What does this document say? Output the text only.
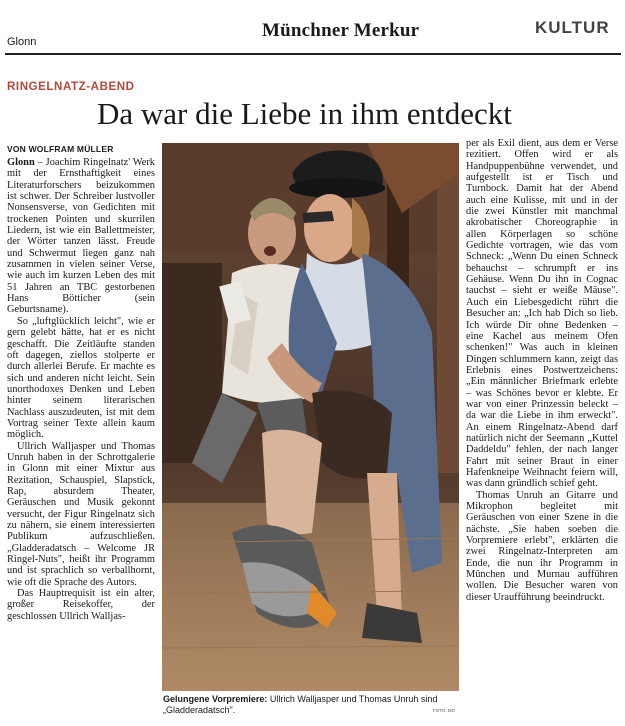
Glonn
Münchner Merkur	KULTUR
RINGELNATZ-ABEND
Da war die Liebe in ihm entdeckt
VON WOLFRAM MÜLLER

Glonn – Joachim Ringelnatz' Werk mit der Ernsthaftigkeit eines Literaturforschers beizukommen ist schwer. Der Schreiber lustvoller Nonsensverse, von Gedichten mit trockenen Pointen und skurrilen Liedern, ist wie ein Ballettmeister, der Wörter tanzen lässt. Freude und Schwermut liegen ganz nah zusammen in vielen seiner Verse, wie auch im kurzen Leben des mit 51 Jahren an TBC gestorbenen Hans Bötticher (sein Geburtsname).

So „luftglücklich leicht", wie er gern gelebt hätte, hat er es nicht geschafft. Die Zeitläufte standen oft dagegen, ziellos stolperte er durch allerlei Berufe. Er machte es sich und anderen nicht leicht. Sein unorthodoxes Denken und Leben hinter seinem literarischen Nachlass auszudeuten, ist mit dem Vortrag seiner Texte allein kaum möglich.

Ullrich Walljasper und Thomas Unruh haben in der Schrottgalerie in Glonn mit einer Mixtur aus Rezitation, Schauspiel, Slapstick, Rap, absurdem Theater, Geräuschen und Musik gekonnt versucht, der Figur Ringelnatz sich zu nähern, sie einem interessierten Publikum aufzuschließen. „Gladderadatsch – Welcome JR Ringel-Nuts", heißt ihr Programm und ist sprachlich so verballhornt, wie oft die Sprache des Autors.

Das Hauptrequisit ist ein alter, großer Reisekoffer, der geschlossen Ullrich Walljas-

Gelungene Vorpremiere: Ullrich Walljasper und Thomas Unruh sind „Gladderadatsch".	FOTO: MO

per als Exil dient, aus dem er Verse rezitiert. Offen wird er als Handpuppenbühne verwendet, und aufgestellt ist er Tisch und Turnbock. Damit hat der Abend auch eine Kulisse, mit und in der die zwei Künstler mit manchmal akrobatischer Choreographie in allen Körperlagen so schöne Gedichte vortragen, wie das vom Schneck: „Wenn Du einen Schneck behauchst – schrumpft er ins Gehäuse. Wenn Du ihn in Cognac tauchst – sieht er weiße Mäuse". Auch ein Liebesgedicht rührt die Besucher an: „Ich hab Dich so lieb. Ich würde Dir ohne Bedenken – eine Kachel aus meinem Ofen schenken!" Was auch in kleinen Dingen schlummern kann, zeigt das Erlebnis eines Postwertzeichens: „Ein männlicher Briefmark erlebte – was Schönes bevor er klebte. Er war von einer Prinzessin beleckt – da war die Liebe in ihm erweckt". An einem Ringelnatz-Abend darf natürlich nicht der Seemann „Kuttel Daddeldu" fehlen, der nach langer Fahrt mit seiner Braut in einer Hafenkneipe Weihnacht feiern will, was dann gründlich schief geht.

Thomas Unruh an Gitarre und Mikrophon begleitet mit Geräuschen von einer Szene in die nächste. „Sie haben soeben die Vorpremiere erlebt", erklärten die zwei Ringelnatz-Interpreten am Ende, die nun ihr Programm in München und Murnau aufführen wollen. Die Besucher waren von dieser Uraufführung beeindruckt.
